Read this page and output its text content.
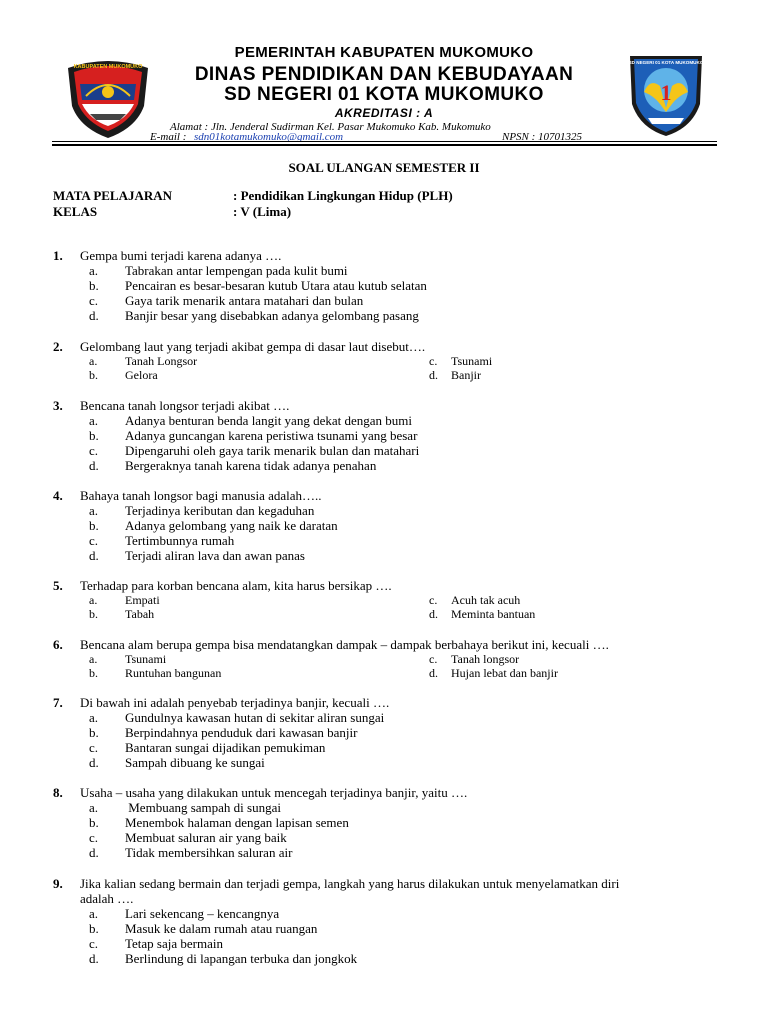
KABUPATEN MUKOMUKO
1
SD NEGERI 01 KOTA MUKOMUKO
PEMERINTAH KABUPATEN MUKOMUKO
DINAS PENDIDIKAN DAN KEBUDAYAAN
SD NEGERI 01 KOTA MUKOMUKO
AKREDITASI : A
Alamat : Jln. Jenderal Sudirman Kel. Pasar Mukomuko Kab. Mukomuko
E-mail : sdn01kotamukomuko@gmail.com	NPSN : 10701325
SOAL ULANGAN SEMESTER II
MATA PELAJARAN	: Pendidikan Lingkungan Hidup (PLH)
KELAS	: V (Lima)
1. Gempa bumi terjadi karena adanya ….
a. Tabrakan antar lempengan pada kulit bumi
b. Pencairan es besar-besaran kutub Utara atau kutub selatan
c. Gaya tarik menarik antara matahari dan bulan
d. Banjir besar yang disebabkan adanya gelombang pasang
2. Gelombang laut yang terjadi akibat gempa di dasar laut disebut….
a. Tanah Longsor	c. Tsunami
b. Gelora	d. Banjir
3. Bencana tanah longsor terjadi akibat ….
a. Adanya benturan benda langit yang dekat dengan bumi
b. Adanya guncangan karena peristiwa tsunami yang besar
c. Dipengaruhi oleh gaya tarik menarik bulan dan matahari
d. Bergeraknya tanah karena tidak adanya penahan
4. Bahaya tanah longsor bagi manusia adalah…..
a. Terjadinya keributan dan kegaduhan
b. Adanya gelombang yang naik ke daratan
c. Tertimbunnya rumah
d. Terjadi aliran lava dan awan panas
5. Terhadap para korban bencana alam, kita harus bersikap ….
a. Empati	c. Acuh tak acuh
b. Tabah	d. Meminta bantuan
6. Bencana alam berupa gempa bisa mendatangkan dampak – dampak berbahaya berikut ini, kecuali ….
a. Tsunami	c. Tanah longsor
b. Runtuhan bangunan	d. Hujan lebat dan banjir
7. Di bawah ini adalah penyebab terjadinya banjir, kecuali ….
a. Gundulnya kawasan hutan di sekitar aliran sungai
b. Berpindahnya penduduk dari kawasan banjir
c. Bantaran sungai dijadikan pemukiman
d. Sampah dibuang ke sungai
8. Usaha – usaha yang dilakukan untuk mencegah terjadinya banjir, yaitu ….
a. Membuang sampah di sungai
b. Menembok halaman dengan lapisan semen
c. Membuat saluran air yang baik
d. Tidak membersihkan saluran air
9. Jika kalian sedang bermain dan terjadi gempa, langkah yang harus dilakukan untuk menyelamatkan diri
adalah ….
a. Lari sekencang – kencangnya
b. Masuk ke dalam rumah atau ruangan
c. Tetap saja bermain
d. Berlindung di lapangan terbuka dan jongkok
